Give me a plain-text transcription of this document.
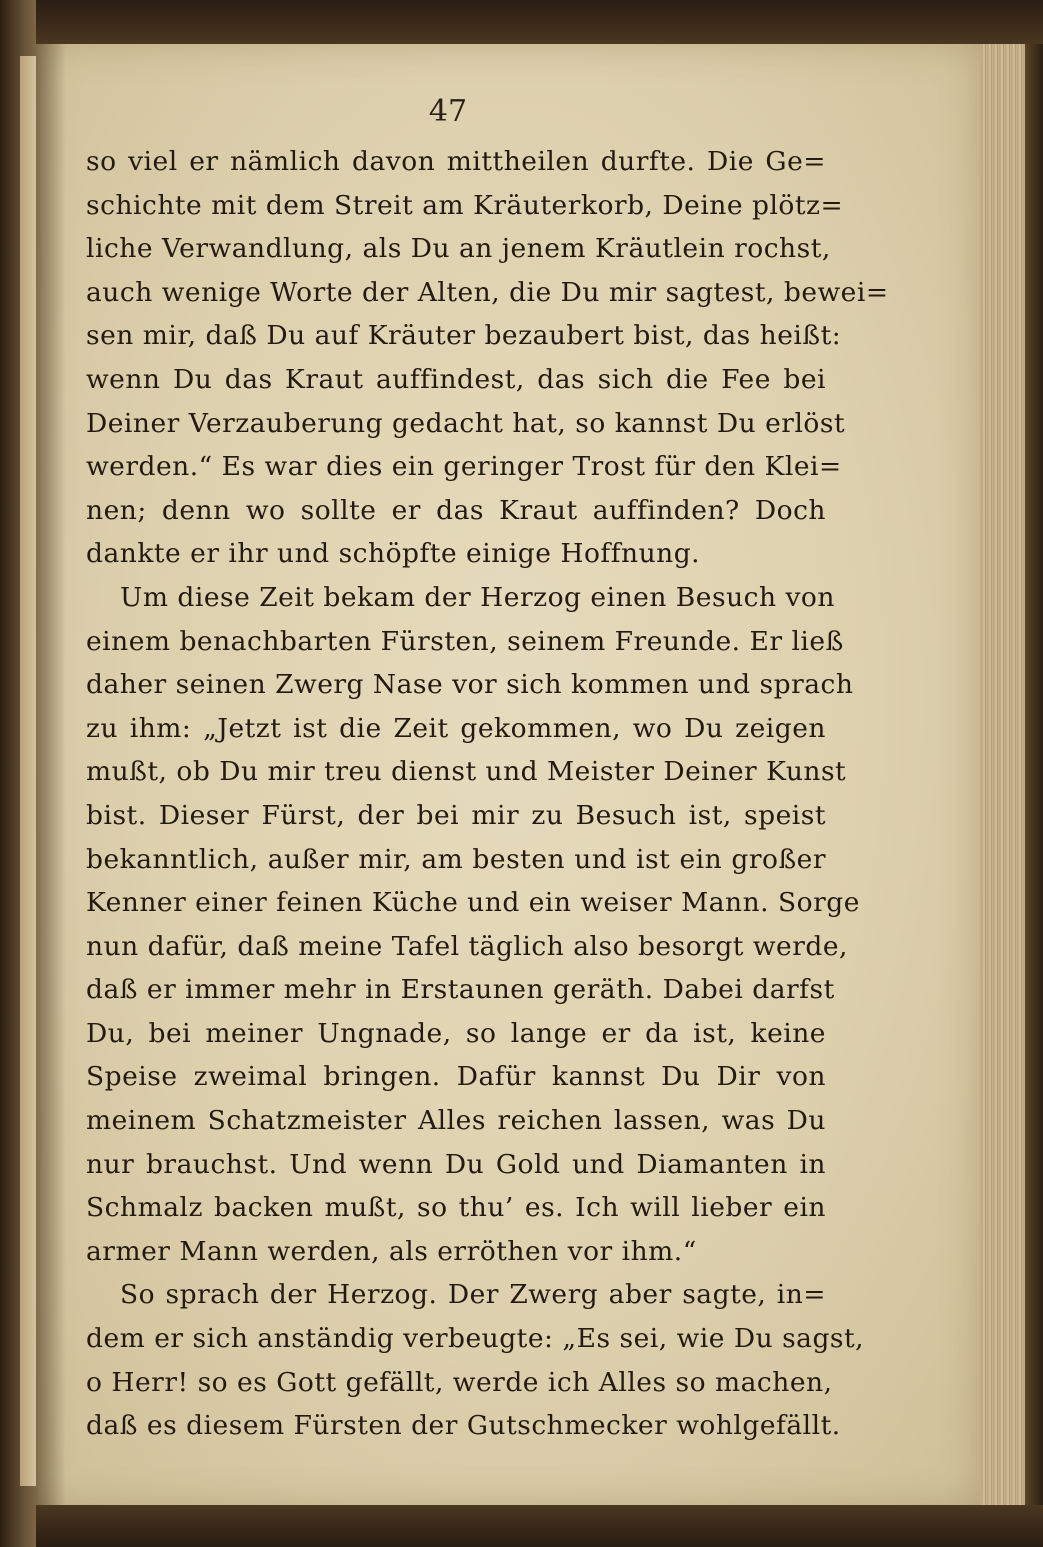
47
so viel er nämlich davon mittheilen durfte. Die Ge=
schichte mit dem Streit am Kräuterkorb, Deine plötz=
liche Verwandlung, als Du an jenem Kräutlein rochst,
auch wenige Worte der Alten, die Du mir sagtest, bewei=
sen mir, daß Du auf Kräuter bezaubert bist, das heißt:
wenn Du das Kraut auffindest, das sich die Fee bei
Deiner Verzauberung gedacht hat, so kannst Du erlöst
werden.“ Es war dies ein geringer Trost für den Klei=
nen; denn wo sollte er das Kraut auffinden? Doch
dankte er ihr und schöpfte einige Hoffnung.
Um diese Zeit bekam der Herzog einen Besuch von
einem benachbarten Fürsten, seinem Freunde. Er ließ
daher seinen Zwerg Nase vor sich kommen und sprach
zu ihm: „Jetzt ist die Zeit gekommen, wo Du zeigen
mußt, ob Du mir treu dienst und Meister Deiner Kunst
bist. Dieser Fürst, der bei mir zu Besuch ist, speist
bekanntlich, außer mir, am besten und ist ein großer
Kenner einer feinen Küche und ein weiser Mann. Sorge
nun dafür, daß meine Tafel täglich also besorgt werde,
daß er immer mehr in Erstaunen geräth. Dabei darfst
Du, bei meiner Ungnade, so lange er da ist, keine
Speise zweimal bringen. Dafür kannst Du Dir von
meinem Schatzmeister Alles reichen lassen, was Du
nur brauchst. Und wenn Du Gold und Diamanten in
Schmalz backen mußt, so thu’ es. Ich will lieber ein
armer Mann werden, als erröthen vor ihm.“
So sprach der Herzog. Der Zwerg aber sagte, in=
dem er sich anständig verbeugte: „Es sei, wie Du sagst,
o Herr! so es Gott gefällt, werde ich Alles so machen,
daß es diesem Fürsten der Gutschmecker wohlgefällt.
